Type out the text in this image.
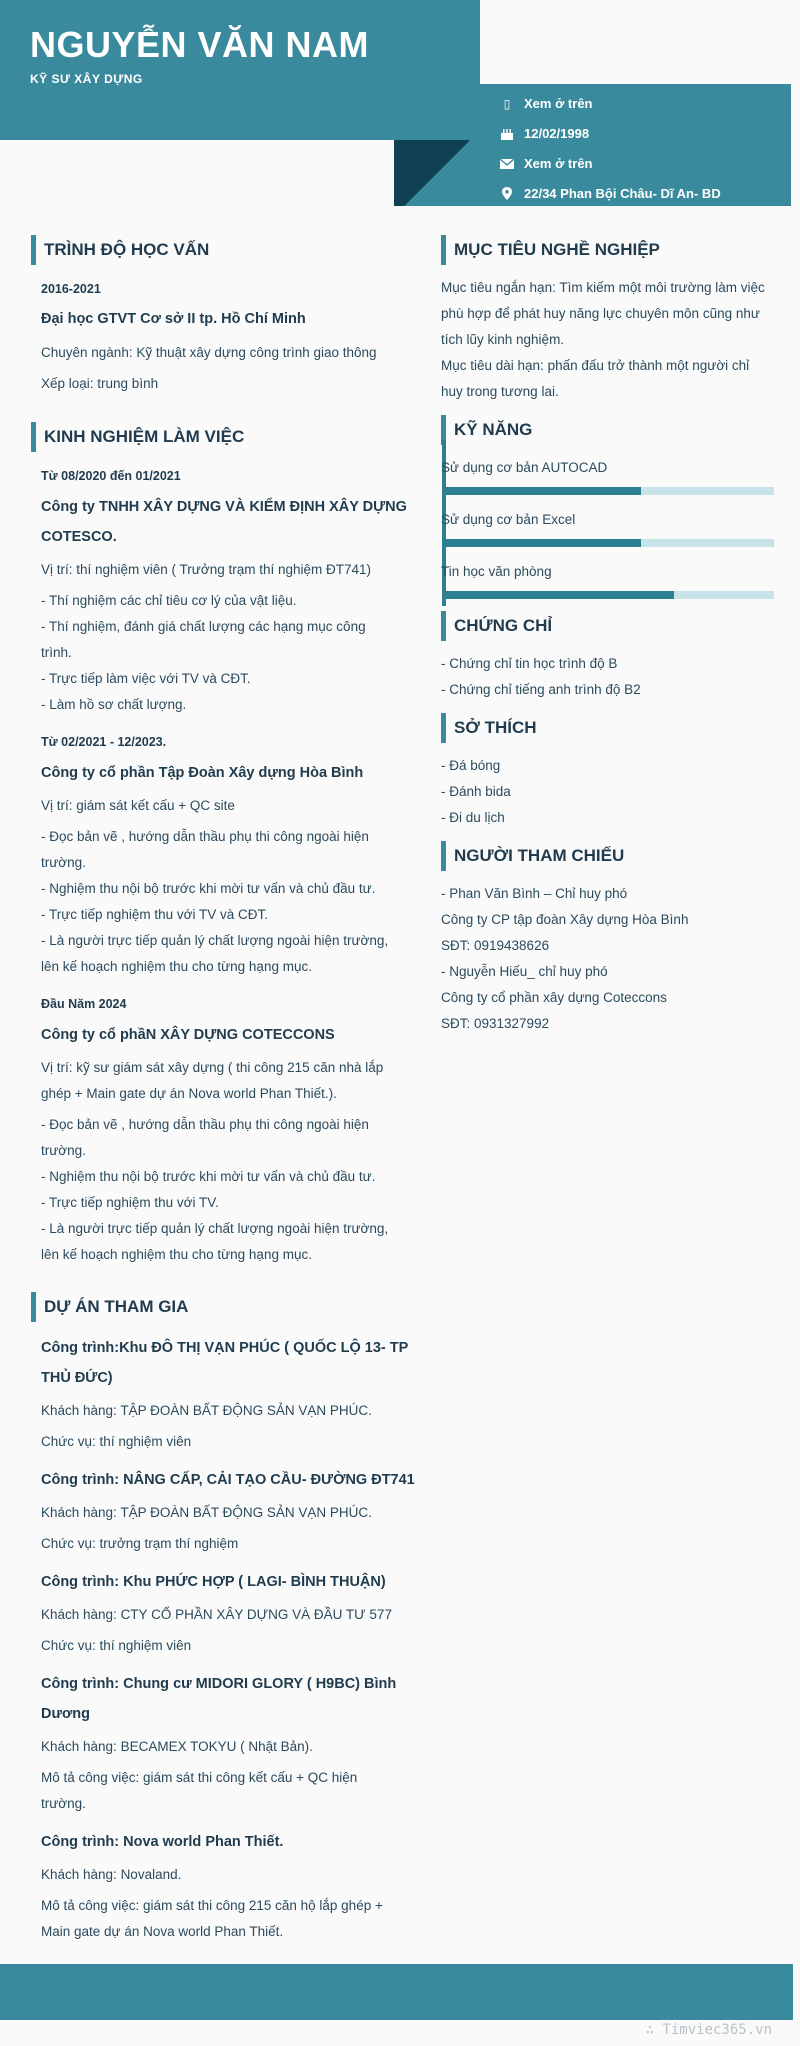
NGUYỄN VĂN NAM
KỸ SƯ XÂY DỰNG
▯	Xem ở trên
12/02/1998
Xem ở trên
22/34 Phan Bội Châu- Dĩ An- BD
TRÌNH ĐỘ HỌC VẤN
2016-2021
Đại học GTVT Cơ sở II tp. Hồ Chí Minh
Chuyên ngành: Kỹ thuật xây dựng công trình giao thông
Xếp loại: trung bình
KINH NGHIỆM LÀM VIỆC
Từ 08/2020 đến 01/2021
Công ty TNHH XÂY DỰNG VÀ KIỂM ĐỊNH XÂY DỰNG
COTESCO.
Vị trí: thí nghiệm viên ( Trưởng trạm thí nghiệm ĐT741)
- Thí nghiệm các chỉ tiêu cơ lý của vật liệu.
- Thí nghiệm, đánh giá chất lượng các hạng mục công
trình.
- Trực tiếp làm việc với TV và CĐT.
- Làm hồ sơ chất lượng.
Từ 02/2021 - 12/2023.
Công ty cổ phần Tập Đoàn Xây dựng Hòa Bình
Vị trí: giám sát kết cấu + QC site
- Đọc bản vẽ , hướng dẫn thầu phụ thi công ngoài hiện
trường.
- Nghiệm thu nội bộ trước khi mời tư vấn và chủ đầu tư.
- Trực tiếp nghiệm thu với TV và CĐT.
- Là người trực tiếp quản lý chất lượng ngoài hiện trường,
lên kế hoạch nghiệm thu cho từng hạng mục.
Đầu Năm 2024
Công ty cổ phầN XÂY DỰNG COTECCONS
Vị trí: kỹ sư giám sát xây dựng ( thi công 215 căn nhà lắp
ghép + Main gate dự án Nova world Phan Thiết.).
- Đọc bản vẽ , hướng dẫn thầu phụ thi công ngoài hiện
trường.
- Nghiệm thu nội bộ trước khi mời tư vấn và chủ đầu tư.
- Trực tiếp nghiệm thu với TV.
- Là người trực tiếp quản lý chất lượng ngoài hiện trường,
lên kế hoạch nghiệm thu cho từng hạng mục.
DỰ ÁN THAM GIA
Công trình:Khu ĐÔ THỊ VẠN PHÚC ( QUỐC LỘ 13- TP
THỦ ĐỨC)
Khách hàng: TẬP ĐOÀN BẤT ĐỘNG SẢN VẠN PHÚC.
Chức vụ: thí nghiệm viên
Công trình: NÂNG CẤP, CẢI TẠO CẦU- ĐƯỜNG ĐT741
Khách hàng: TẬP ĐOÀN BẤT ĐỘNG SẢN VẠN PHÚC.
Chức vụ: trưởng trạm thí nghiệm
Công trình: Khu PHỨC HỢP ( LAGI- BÌNH THUẬN)
Khách hàng: CTY CỔ PHẦN XÂY DỰNG VÀ ĐẦU TƯ 577
Chức vụ: thí nghiệm viên
Công trình: Chung cư MIDORI GLORY ( H9BC) Bình
Dương
Khách hàng: BECAMEX TOKYU ( Nhật Bản).
Mô tả công việc: giám sát thi công kết cấu + QC hiện
trường.
Công trình: Nova world Phan Thiết.
Khách hàng: Novaland.
Mô tả công việc: giám sát thi công 215 căn hộ lắp ghép +
Main gate dự án Nova world Phan Thiết.
MỤC TIÊU NGHỀ NGHIỆP
Mục tiêu ngắn hạn: Tìm kiếm một môi trường làm việc
phù hợp để phát huy năng lực chuyên môn cũng như
tích lũy kinh nghiệm.
Mục tiêu dài hạn: phấn đấu trở thành một người chỉ
huy trong tương lai.
KỸ NĂNG
Sử dụng cơ bản AUTOCAD
Sử dụng cơ bản Excel
Tin học văn phòng
CHỨNG CHỈ
- Chứng chỉ tin học trình độ B
- Chứng chỉ tiếng anh trình độ B2
SỞ THÍCH
- Đá bóng
- Đánh bida
- Đi du lịch
NGƯỜI THAM CHIẾU
- Phan Văn Bình – Chỉ huy phó
Công ty CP tập đoàn Xây dựng Hòa Bình
SĐT: 0919438626
- Nguyễn Hiếu_ chỉ huy phó
Công ty cổ phần xây dựng Coteccons
SĐT: 0931327992
∴ Timviec365.vn
